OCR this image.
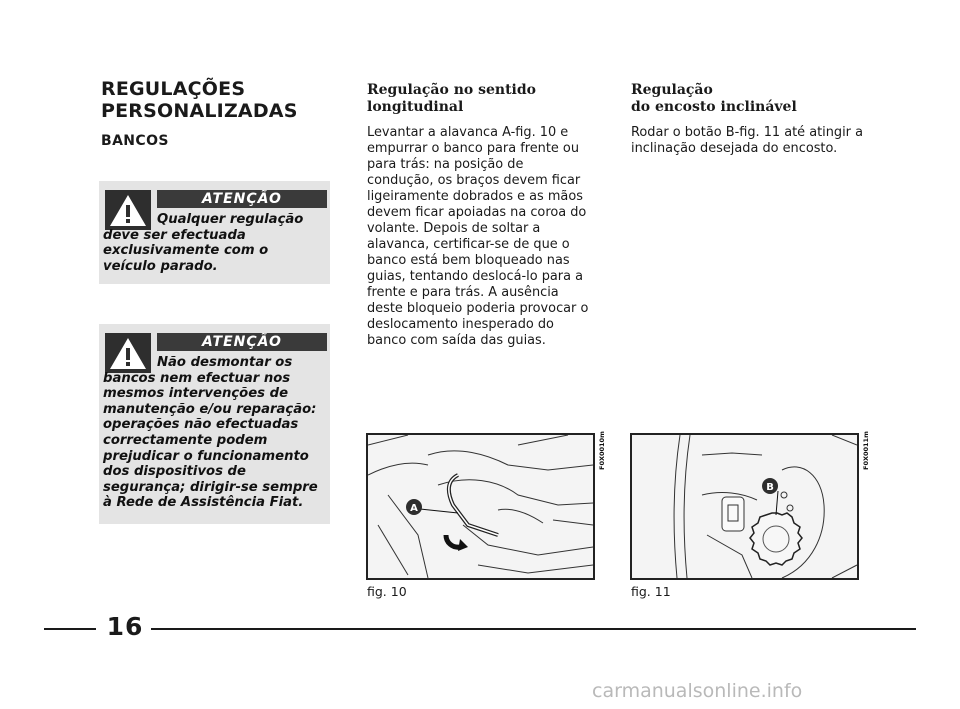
REGULAÇÕES
PERSONALIZADAS
BANCOS
ATENÇÃO

Qualquer regulação deve ser efectuada exclusivamente com o veículo parado.

ATENÇÃO

Não desmontar os bancos nem efectuar nos mesmos intervenções de manutenção e/ou reparação: operações não efectuadas correctamente podem prejudicar o funcionamento dos dispositivos de segurança; dirigir-se sempre à Rede de Assistência Fiat.

Regulação no sentido
longitudinal

Levantar a alavanca A-fig. 10 e empurrar o banco para frente ou para trás: na posição de condução, os braços devem ficar ligeiramente dobrados e as mãos devem ficar apoiadas na coroa do volante. Depois de soltar a alavanca, certificar-se de que o banco está bem bloqueado nas guias, tentando deslocá-lo para a frente e para trás. A ausência deste bloqueio poderia provocar o deslocamento inesperado do banco com saída das guias.

Regulação
do encosto inclinável

Rodar o botão B-fig. 11 até atingir a inclinação desejada do encosto.

A
F0X0010m
fig. 10
B
F0X0011m
fig. 11
16
carmanualsonline.info
